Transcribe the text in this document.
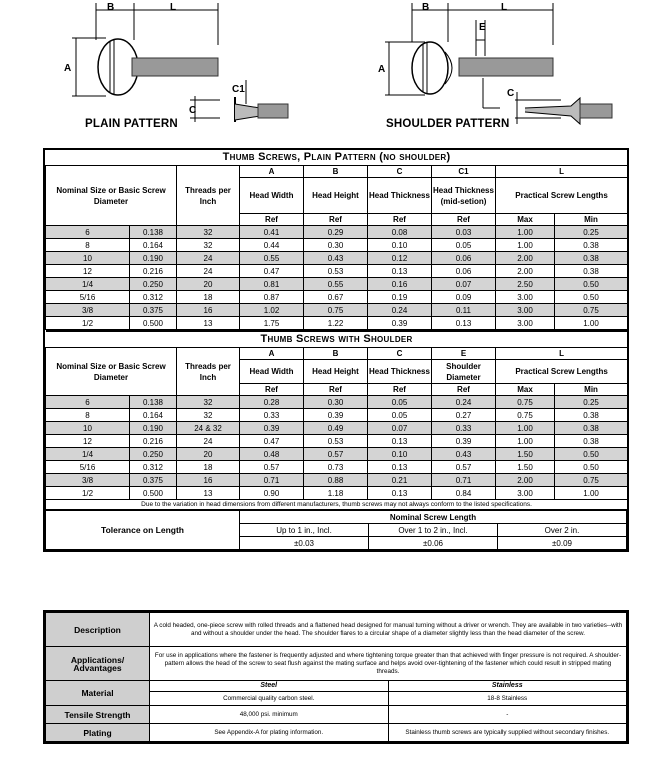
B	L
A
C1
C
PLAIN PATTERN
B	L
A
E
C
SHOULDER PATTERN
Thumb Screws, Plain Pattern (no shoulder)								
Nominal Size or Basic Screw Diameter		Threads per Inch	A	B	C	C1	L	
			Head Width	Head Height	Head Thickness	Head Thickness (mid-setion)	Practical Screw Lengths	
			Ref	Ref	Ref	Ref	Max	Min
6	0.138	32	0.41	0.29	0.08	0.03	1.00	0.25
8	0.164	32	0.44	0.30	0.10	0.05	1.00	0.38
10	0.190	24	0.55	0.43	0.12	0.06	2.00	0.38
12	0.216	24	0.47	0.53	0.13	0.06	2.00	0.38
1/4	0.250	20	0.81	0.55	0.16	0.07	2.50	0.50
5/16	0.312	18	0.87	0.67	0.19	0.09	3.00	0.50
3/8	0.375	16	1.02	0.75	0.24	0.11	3.00	0.75
1/2	0.500	13	1.75	1.22	0.39	0.13	3.00	1.00
Thumb Screws with Shoulder								
Nominal Size or Basic Screw Diameter		Threads per Inch	A	B	C	E	L	
			Head Width	Head Height	Head Thickness	Shoulder Diameter	Practical Screw Lengths	
			Ref	Ref	Ref	Ref	Max	Min
6	0.138	32	0.28	0.30	0.05	0.24	0.75	0.25
8	0.164	32	0.33	0.39	0.05	0.27	0.75	0.38
10	0.190	24 & 32	0.39	0.49	0.07	0.33	1.00	0.38
12	0.216	24	0.47	0.53	0.13	0.39	1.00	0.38
1/4	0.250	20	0.48	0.57	0.10	0.43	1.50	0.50
5/16	0.312	18	0.57	0.73	0.13	0.57	1.50	0.50
3/8	0.375	16	0.71	0.88	0.21	0.71	2.00	0.75
1/2	0.500	13	0.90	1.18	0.13	0.84	3.00	1.00
Due to the variation in head dimensions from different manufacturers, thumb screws may not always conform to the listed specifications.								
Tolerance on Length	Nominal Screw Length		
	Up to 1 in., Incl.	Over 1 to 2 in., Incl.	Over 2 in.
	±0.03	±0.06	±0.09
Description	A cold headed, one-piece screw with rolled threads and a flattened head designed for manual turning without a driver or wrench. They are available in two varieties--with and without a shoulder under the head. The shoulder flares to a circular shape of a diameter slightly less than the head diameter of the screw.	
Applications/ Advantages	For use in applications where the fastener is frequently adjusted and where tightening torque greater than that achieved with finger pressure is not required. A shoulder-pattern allows the head of the screw to seat flush against the mating surface and helps avoid over-tightening of the fastener which could result in stripped mating threads.	
Material	Steel	Stainless
	Commercial quality carbon steel.	18-8 Stainless
Tensile Strength	48,000 psi. minimum	-
Plating	See Appendix-A for plating information.	Stainless thumb screws are typically supplied without secondary finishes.
